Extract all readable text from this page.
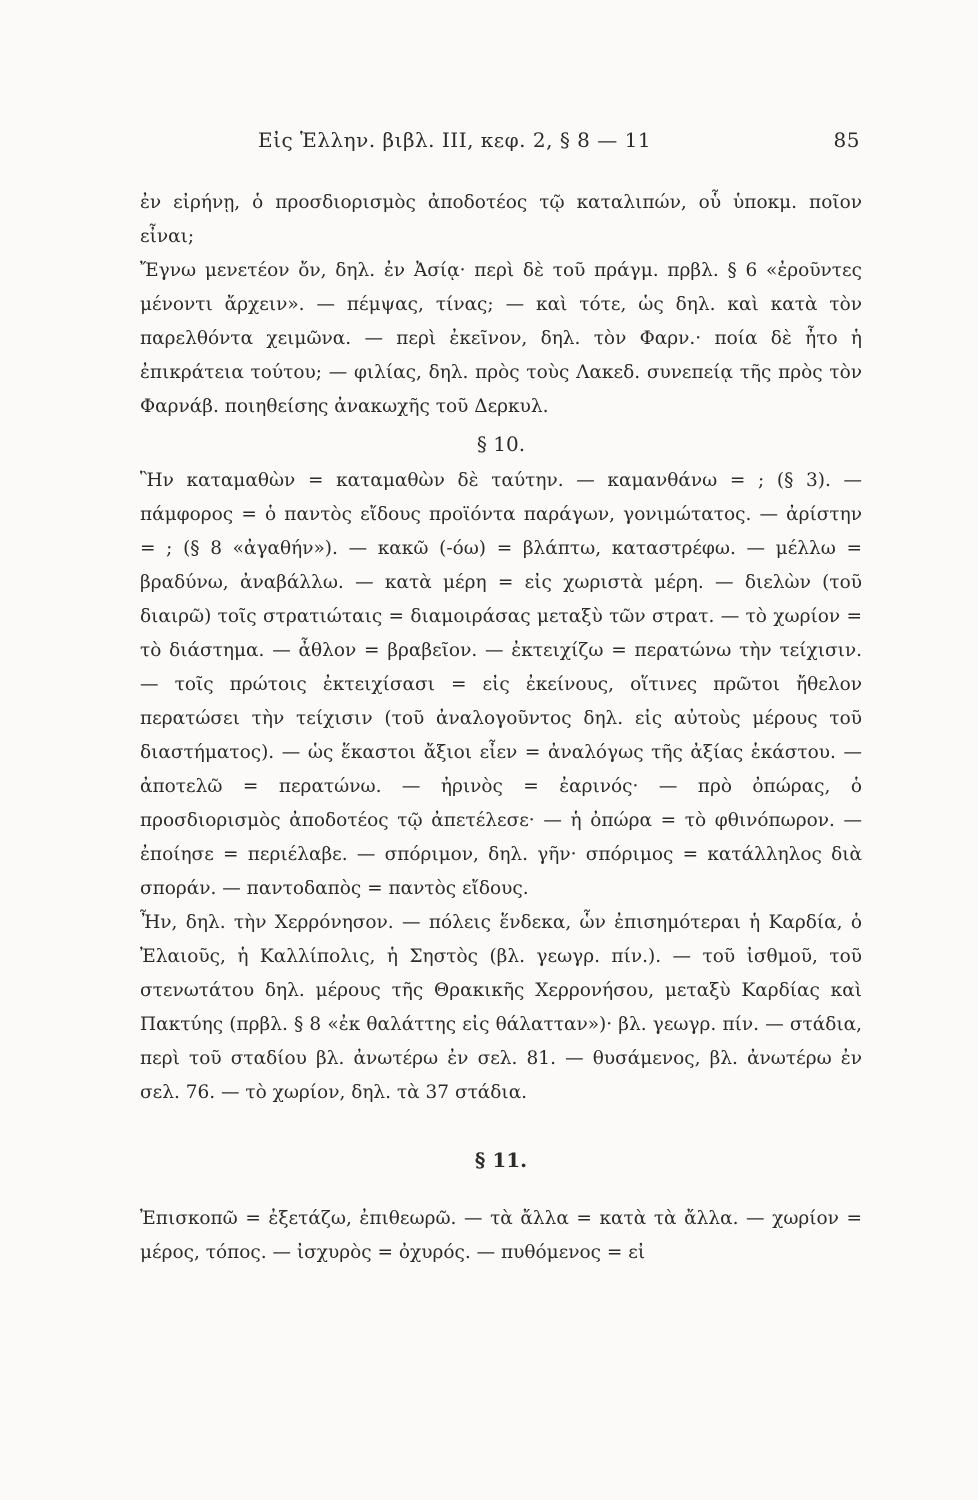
Εἰς Ἑλλην. βιβλ. ΙΙΙ, κεφ. 2, § 8 — 11	85

ἐν εἰρήνῃ, ὁ προσδιορισμὸς ἀποδοτέος τῷ καταλιπών, οὗ ὑποκμ. ποῖον εἶναι;

Ἔγνω μενετέον ὄν, δηλ. ἐν Ἀσίᾳ· περὶ δὲ τοῦ πράγμ. πρβλ. § 6 «ἐροῦντες μένοντι ἄρχειν». — πέμψας, τίνας; — καὶ τότε, ὡς δηλ. καὶ κατὰ τὸν παρελθόντα χειμῶνα. — περὶ ἐκεῖνον, δηλ. τὸν Φαρν.· ποία δὲ ἦτο ἡ ἐπικράτεια τούτου; — φιλίας, δηλ. πρὸς τοὺς Λακεδ. συνεπείᾳ τῆς πρὸς τὸν Φαρνάβ. ποιηθείσης ἀνακωχῆς τοῦ Δερκυλ.

§ 10.

Ἣν καταμαθὼν = καταμαθὼν δὲ ταύτην. — καμανθάνω = ; (§ 3). — πάμφορος = ὁ παντὸς εἴδους προϊόντα παράγων, γονιμώτατος. — ἀρίστην = ; (§ 8 «ἀγαθήν»). — κακῶ (-όω) = βλάπτω, καταστρέφω. — μέλλω = βραδύνω, ἀναβάλλω. — κατὰ μέρη = εἰς χωριστὰ μέρη. — διελὼν (τοῦ διαιρῶ) τοῖς στρατιώταις = διαμοιράσας μεταξὺ τῶν στρατ. — τὸ χωρίον = τὸ διάστημα. — ἆθλον = βραβεῖον. — ἐκτειχίζω = περατώνω τὴν τείχισιν. — τοῖς πρώτοις ἐκτειχίσασι = εἰς ἐκείνους, οἵτινες πρῶτοι ἤθελον περατώσει τὴν τείχισιν (τοῦ ἀναλογοῦντος δηλ. εἰς αὐτοὺς μέρους τοῦ διαστήματος). — ὡς ἕκαστοι ἄξιοι εἶεν = ἀναλόγως τῆς ἀξίας ἑκάστου. — ἀποτελῶ = περατώνω. — ἠρινὸς = ἐαρινός· — πρὸ ὀπώρας, ὁ προσδιορισμὸς ἀποδοτέος τῷ ἀπετέλεσε· — ἡ ὀπώρα = τὸ φθινόπωρον. — ἐποίησε = περιέλαβε. — σπόριμον, δηλ. γῆν· σπόριμος = κατάλληλος διὰ σποράν. — παντοδαπὸς = παντὸς εἴδους.

Ἦν, δηλ. τὴν Χερρόνησον. — πόλεις ἕνδεκα, ὧν ἐπισημότεραι ἡ Καρδία, ὁ Ἐλαιοῦς, ἡ Καλλίπολις, ἡ Σηστὸς (βλ. γεωγρ. πίν.). — τοῦ ἰσθμοῦ, τοῦ στενωτάτου δηλ. μέρους τῆς Θρακικῆς Χερρονήσου, μεταξὺ Καρδίας καὶ Πακτύης (πρβλ. § 8 «ἐκ θαλάττης εἰς θάλατταν»)· βλ. γεωγρ. πίν. — στάδια, περὶ τοῦ σταδίου βλ. ἀνωτέρω ἐν σελ. 81. — θυσάμενος, βλ. ἀνωτέρω ἐν σελ. 76. — τὸ χωρίον, δηλ. τὰ 37 στάδια.

§ 11.

Ἐπισκοπῶ = ἐξετάζω, ἐπιθεωρῶ. — τὰ ἄλλα = κατὰ τὰ ἄλλα. — χωρίον = μέρος, τόπος. — ἰσχυρὸς = ὀχυρός. — πυθόμενος = εἰ
